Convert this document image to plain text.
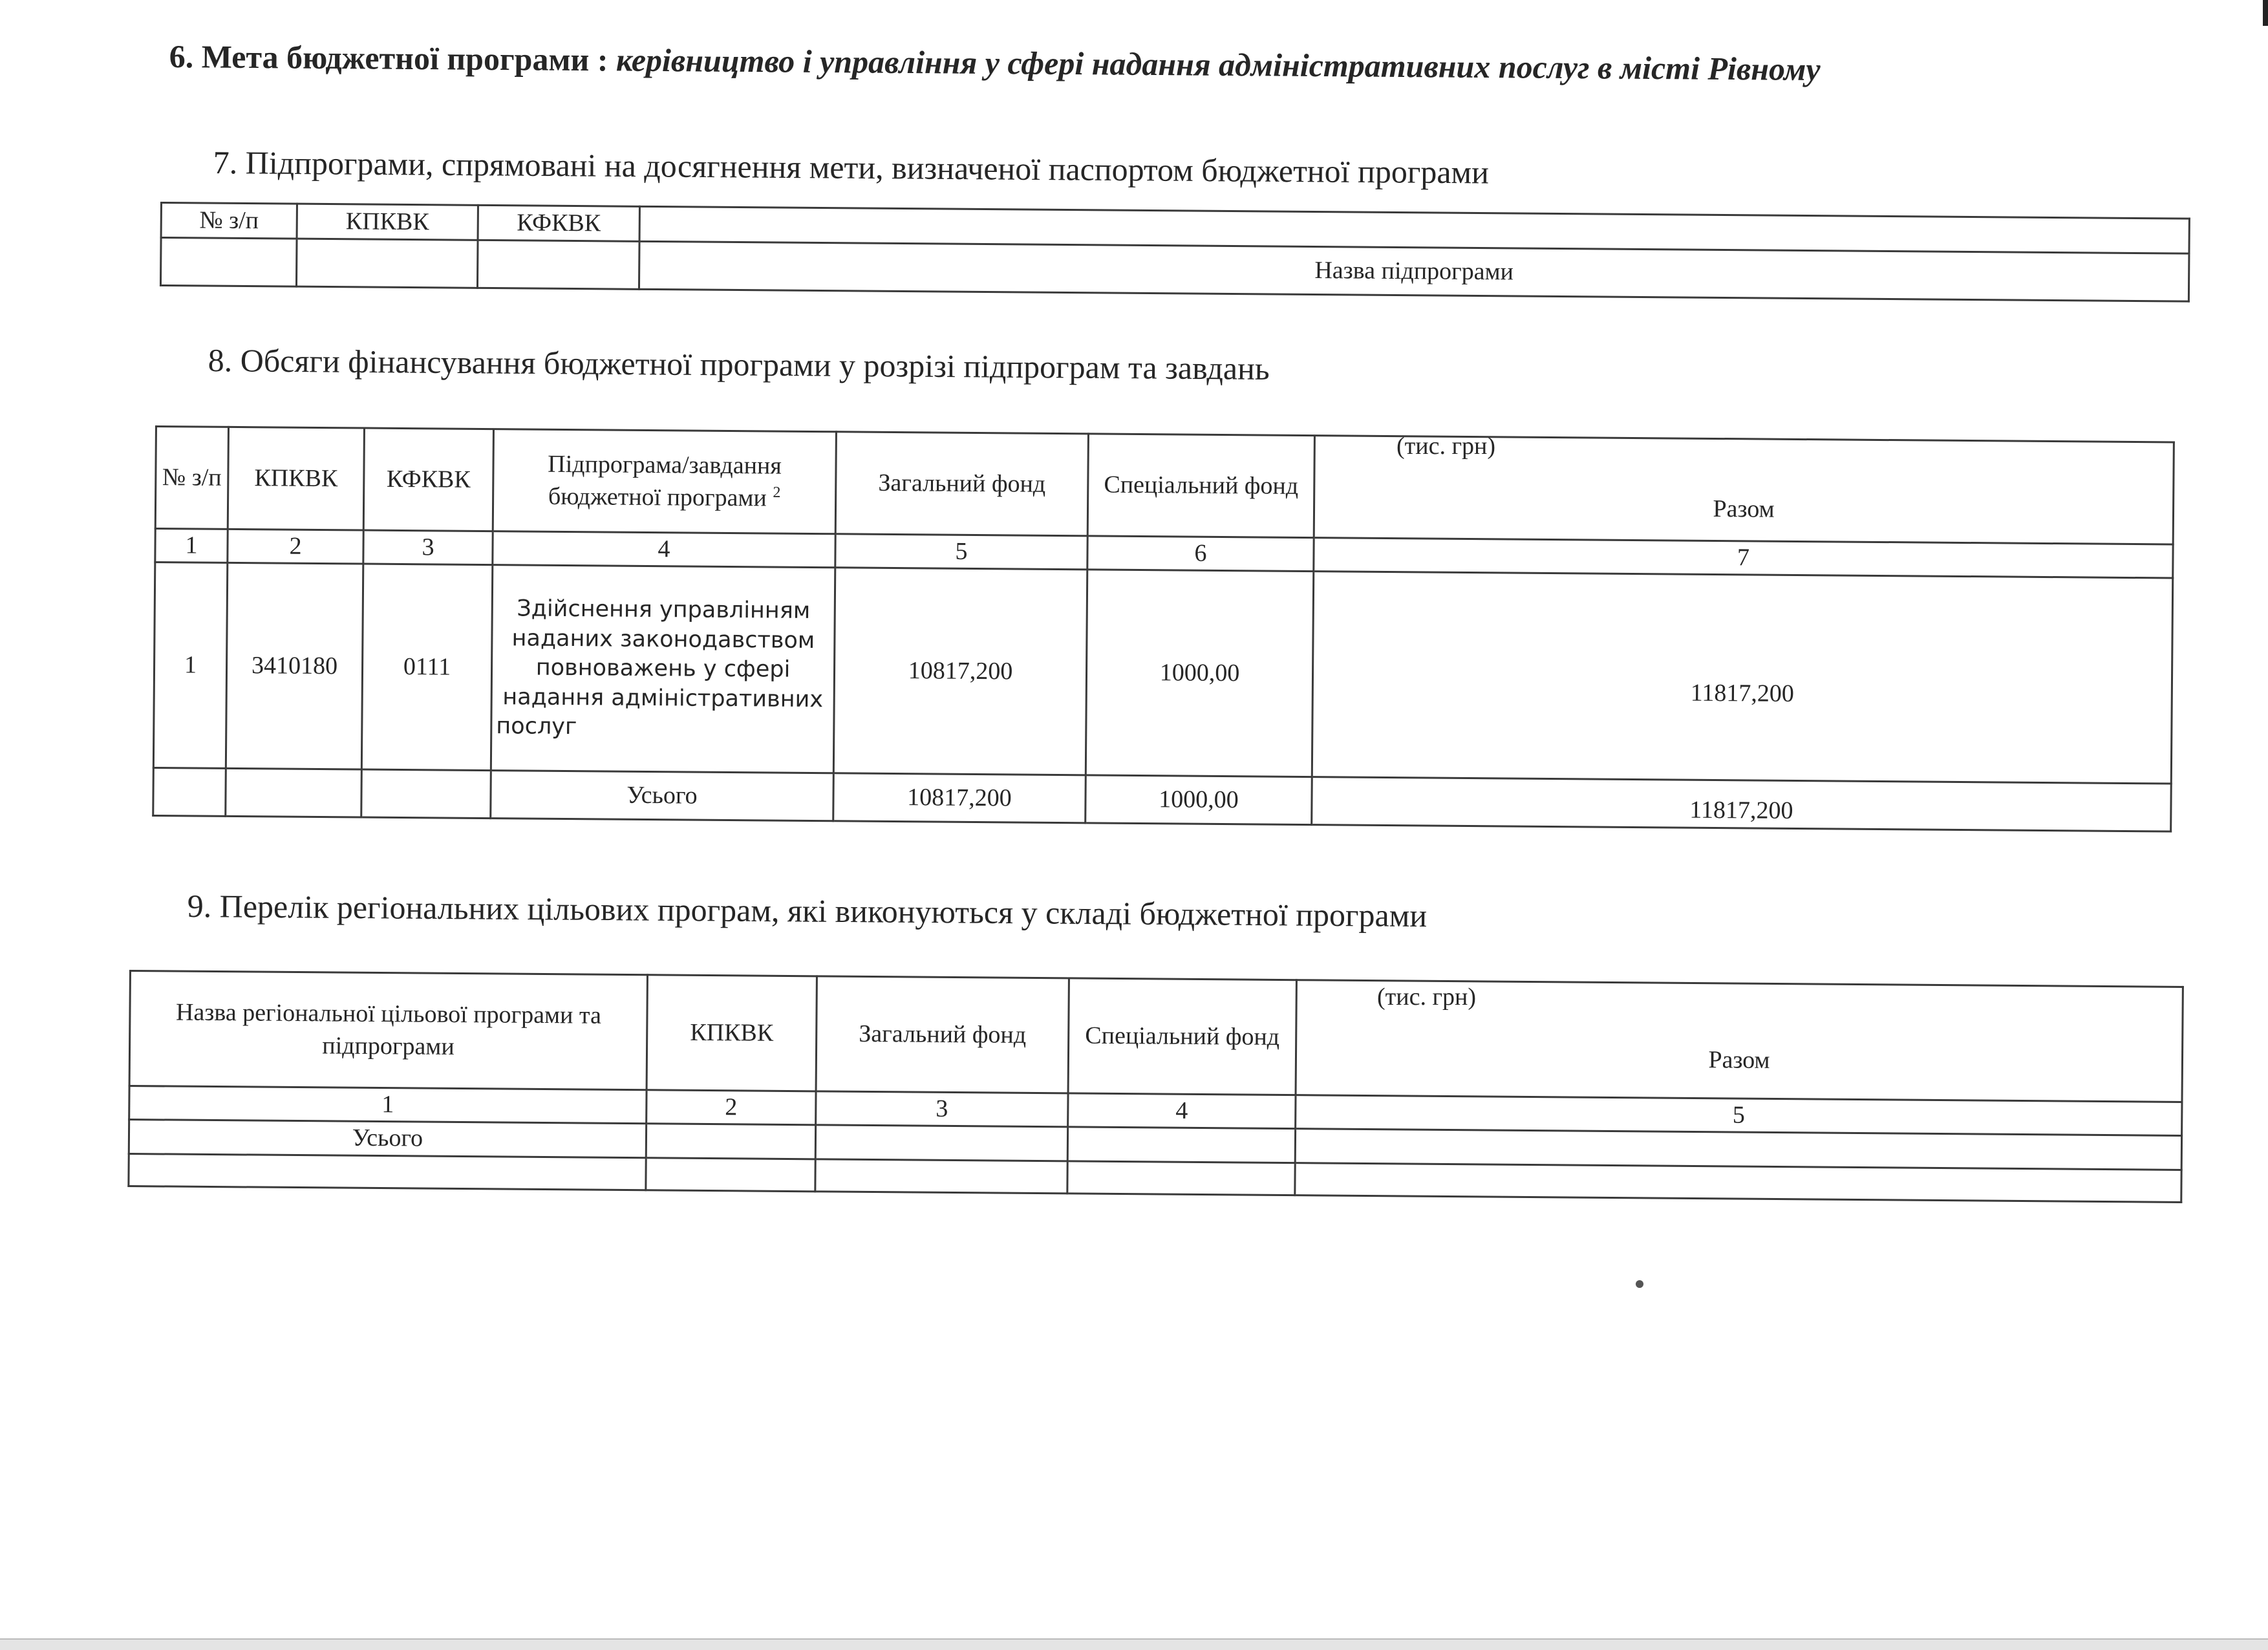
6. Мета бюджетної програми : керівництво і управління у сфері надання адміністративних послуг в місті Рівному
7. Підпрограми, спрямовані на досягнення мети, визначеної паспортом бюджетної програми
№ з/п	КПКВК	КФКВК	
			Назва підпрограми
8. Обсяги фінансування бюджетної програми у розрізі підпрограм та завдань
(тис. грн)
№ з/п	КПКВК	КФКВК	Підпрограма/завдання бюджетної програми $^2$	Загальний фонд	Спеціальний фонд	Разом
1	2	3	4	5	6	7
1	3410180	0111	Здійснення управлінням наданих законодавством повноважень у сфері надання адміністративних послуг	10817,200	1000,00	11817,200
			Усього	10817,200	1000,00	11817,200
9. Перелік регіональних цільових програм, які виконуються у складі бюджетної програми
(тис. грн)
Назва регіональної цільової програми та підпрограми	КПКВК	Загальний фонд	Спеціальний фонд	Разом
1	2	3	4	5
Усього				
